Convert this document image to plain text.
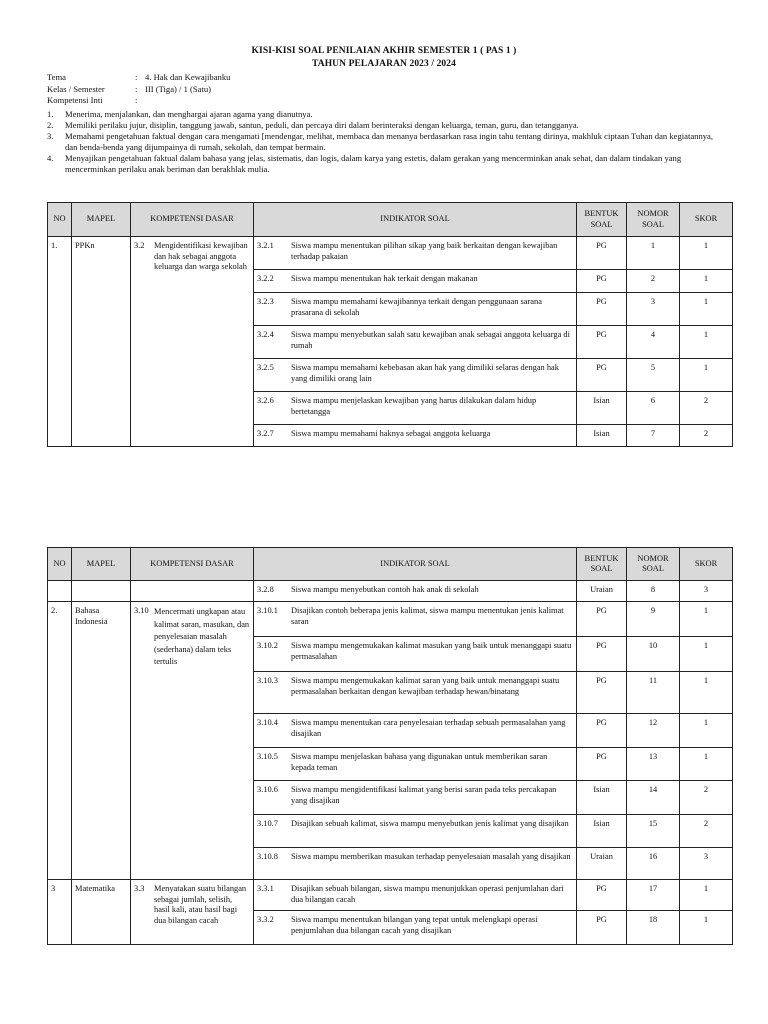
KISI-KISI SOAL PENILAIAN AKHIR SEMESTER 1 ( PAS 1 )
TAHUN PELAJARAN 2023 / 2024
Tema	: 4. Hak dan Kewajibanku
Kelas / Semester	: III (Tiga) / 1 (Satu)
Kompetensi Inti	:
1.	Menerima, menjalankan, dan menghargai ajaran agama yang dianutnya.
2.	Memiliki perilaku jujur, disiplin, tanggung jawab, santun, peduli, dan percaya diri dalam berinteraksi dengan keluarga, teman, guru, dan tetangganya.
3.	Memahami pengetahuan faktual dengan cara mengamati [mendengar, melihat, membaca dan menanya berdasarkan rasa ingin tahu tentang dirinya, makhluk ciptaan Tuhan dan kegiatannya, dan benda-benda yang dijumpainya di rumah, sekolah, dan tempat bermain.
4.	Menyajikan pengetahuan faktual dalam bahasa yang jelas, sistematis, dan logis, dalam karya yang estetis, dalam gerakan yang mencerminkan anak sehat, dan dalam tindakan yang mencerminkan perilaku anak beriman dan berakhlak mulia.
NO	MAPEL	KOMPETENSI DASAR	INDIKATOR SOAL	BENTUK SOAL	NOMOR SOAL	SKOR
1.	PPKn	3.2 Mengidentifikasi kewajiban dan hak sebagai anggota keluarga dan warga sekolah	3.2.1 Siswa mampu menentukan pilihan sikap yang baik berkaitan dengan kewajiban terhadap pakaian	PG	1	1

			3.2.2 Siswa mampu menentukan hak terkait dengan makanan	PG	2	1

			3.2.3 Siswa mampu memahami kewajibannya terkait dengan penggunaan sarana prasarana di sekolah	PG	3	1

			3.2.4 Siswa mampu menyebutkan salah satu kewajiban anak sebagai anggota keluarga di rumah	PG	4	1

			3.2.5 Siswa mampu memahami kebebasan akan hak yang dimiliki selaras dengan hak yang dimiliki orang lain	PG	5	1

			3.2.6 Siswa mampu menjelaskan kewajiban yang harus dilakukan dalam hidup bertetangga	Isian	6	2

			3.2.7 Siswa mampu memahami haknya sebagai anggota keluarga	Isian	7	2
NO	MAPEL	KOMPETENSI DASAR	INDIKATOR SOAL	BENTUK SOAL	NOMOR SOAL	SKOR

			3.2.8 Siswa mampu menyebutkan contoh hak anak di sekolah	Uraian	8	3
2.	Bahasa Indonesia	3.10 Mencermati ungkapan atau kalimat saran, masukan, dan penyelesaian masalah (sederhana) dalam teks tertulis	3.10.1 Disajikan contoh beberapa jenis kalimat, siswa mampu menentukan jenis kalimat saran	PG	9	1

			3.10.2 Siswa mampu mengemukakan kalimat masukan yang baik untuk menanggapi suatu permasalahan	PG	10	1

			3.10.3 Siswa mampu mengemukakan kalimat saran yang baik untuk menanggapi suatu permasalahan berkaitan dengan kewajiban terhadap hewan/binatang	PG	11	1

			3.10.4 Siswa mampu menentukan cara penyelesaian terhadap sebuah permasalahan yang disajikan	PG	12	1

			3.10.5 Siswa mampu menjelaskan bahasa yang digunakan untuk memberikan saran kepada teman	PG	13	1

			3.10.6 Siswa mampu mengidentifikasi kalimat yang berisi saran pada teks percakapan yang disajikan	Isian	14	2

			3.10.7 Disajikan sebuah kalimat, siswa mampu menyebutkan jenis kalimat yang disajikan	Isian	15	2

			3.10.8 Siswa mampu memberikan masukan terhadap penyelesaian masalah yang disajikan	Uraian	16	3
3	Matematika	3.3 Menyatakan suatu bilangan sebagai jumlah, selisih, hasil kali, atau hasil bagi dua bilangan cacah	3.3.1 Disajikan sebuah bilangan, siswa mampu menunjukkan operasi penjumlahan dari dua bilangan cacah	PG	17	1

			3.3.2 Siswa mampu menentukan bilangan yang tepat untuk melengkapi operasi penjumlahan dua bilangan cacah yang disajikan	PG	18	1
